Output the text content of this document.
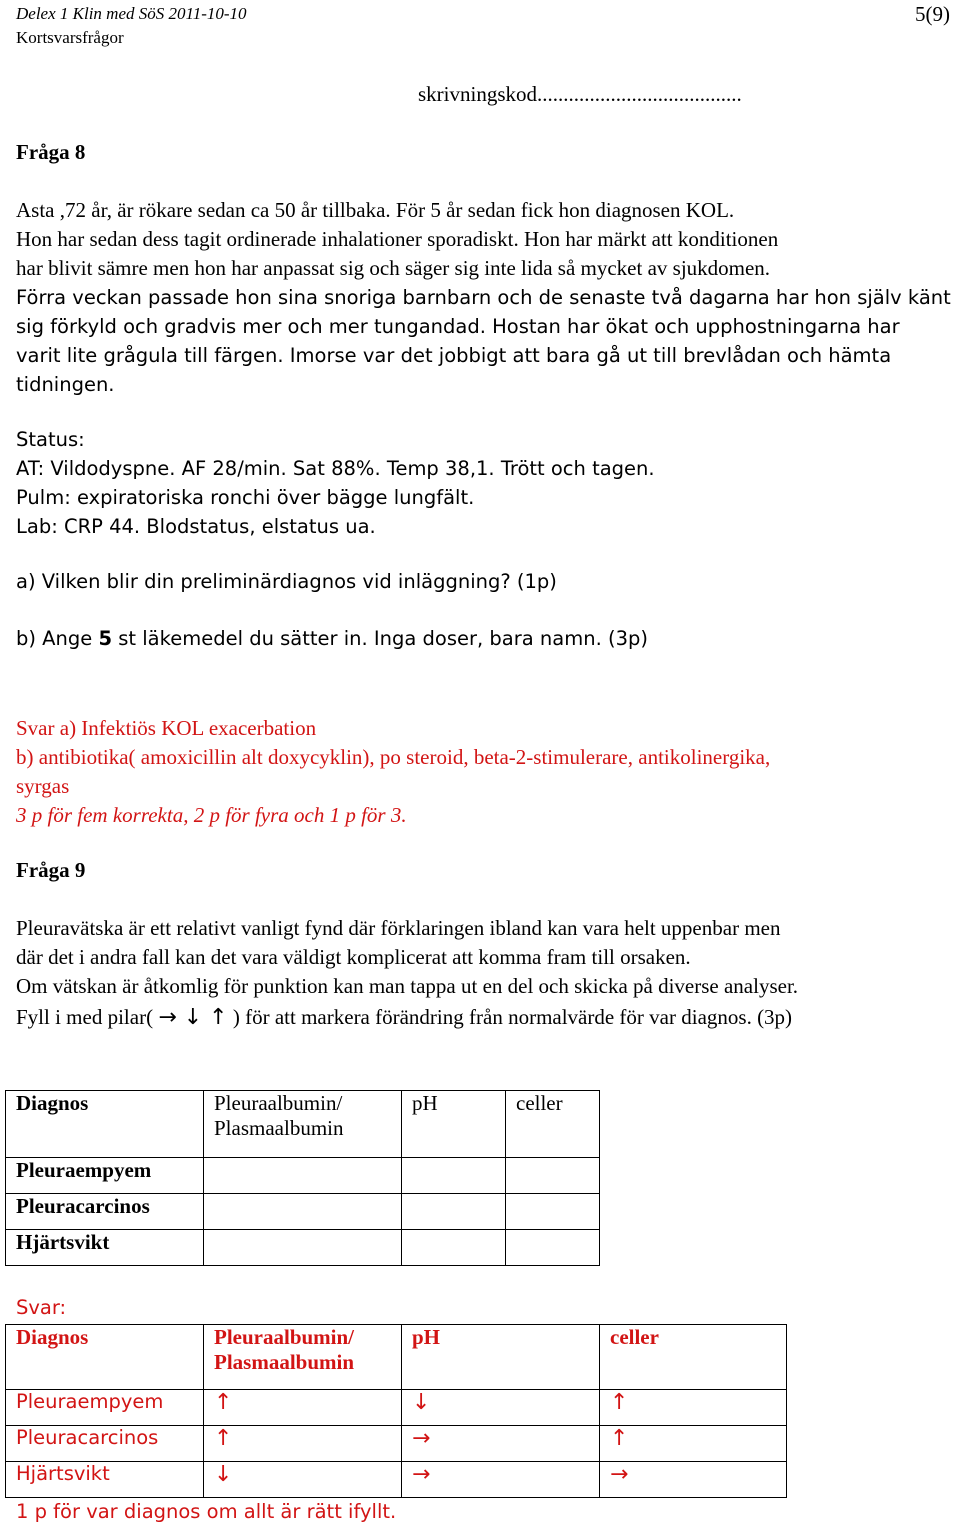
Delex 1 Klin med SöS 2011-10-10
Kortsvarsfrågor
5(9)
skrivningskod.......................................
Fråga 8
Asta ,72 år, är rökare sedan ca 50 år tillbaka. För 5 år sedan fick hon diagnosen KOL.
Hon har sedan dess tagit ordinerade inhalationer sporadiskt. Hon har märkt att konditionen
har blivit sämre men hon har anpassat sig och säger sig inte lida så mycket av sjukdomen.
Förra veckan passade hon sina snoriga barnbarn och de senaste två dagarna har hon själv känt
sig förkyld och gradvis mer och mer tungandad. Hostan har ökat och upphostningarna har
varit lite grågula till färgen. Imorse var det jobbigt att bara gå ut till brevlådan och hämta
tidningen.
Status:
AT: Vildodyspne. AF 28/min. Sat 88%. Temp 38,1. Trött och tagen.
Pulm: expiratoriska ronchi över bägge lungfält.
Lab: CRP 44. Blodstatus, elstatus ua.
a) Vilken blir din preliminärdiagnos vid inläggning? (1p)
b) Ange 5 st läkemedel du sätter in. Inga doser, bara namn. (3p)
Svar a) Infektiös KOL exacerbation
b) antibiotika( amoxicillin alt doxycyklin), po steroid, beta-2-stimulerare, antikolinergika,
syrgas
3 p för fem korrekta, 2 p för fyra och 1 p för 3.
Fråga 9
Pleuravätska är ett relativt vanligt fynd där förklaringen ibland kan vara helt uppenbar men
där det i andra fall kan det vara väldigt komplicerat att komma fram till orsaken.
Om vätskan är åtkomlig för punktion kan man tappa ut en del och skicka på diverse analyser.
Fyll i med pilar( → ↓ ↑ ) för att markera förändring från normalvärde för var diagnos. (3p)
Diagnos	Pleuraalbumin/
Plasmaalbumin	pH	celler
Pleuraempyem			
Pleuracarcinos			
Hjärtsvikt			
Svar:
Diagnos	Pleuraalbumin/
Plasmaalbumin	pH	celler
Pleuraempyem	↑	↓	↑
Pleuracarcinos	↑	→	↑
Hjärtsvikt	↓	→	→
1 p för var diagnos om allt är rätt ifyllt.
